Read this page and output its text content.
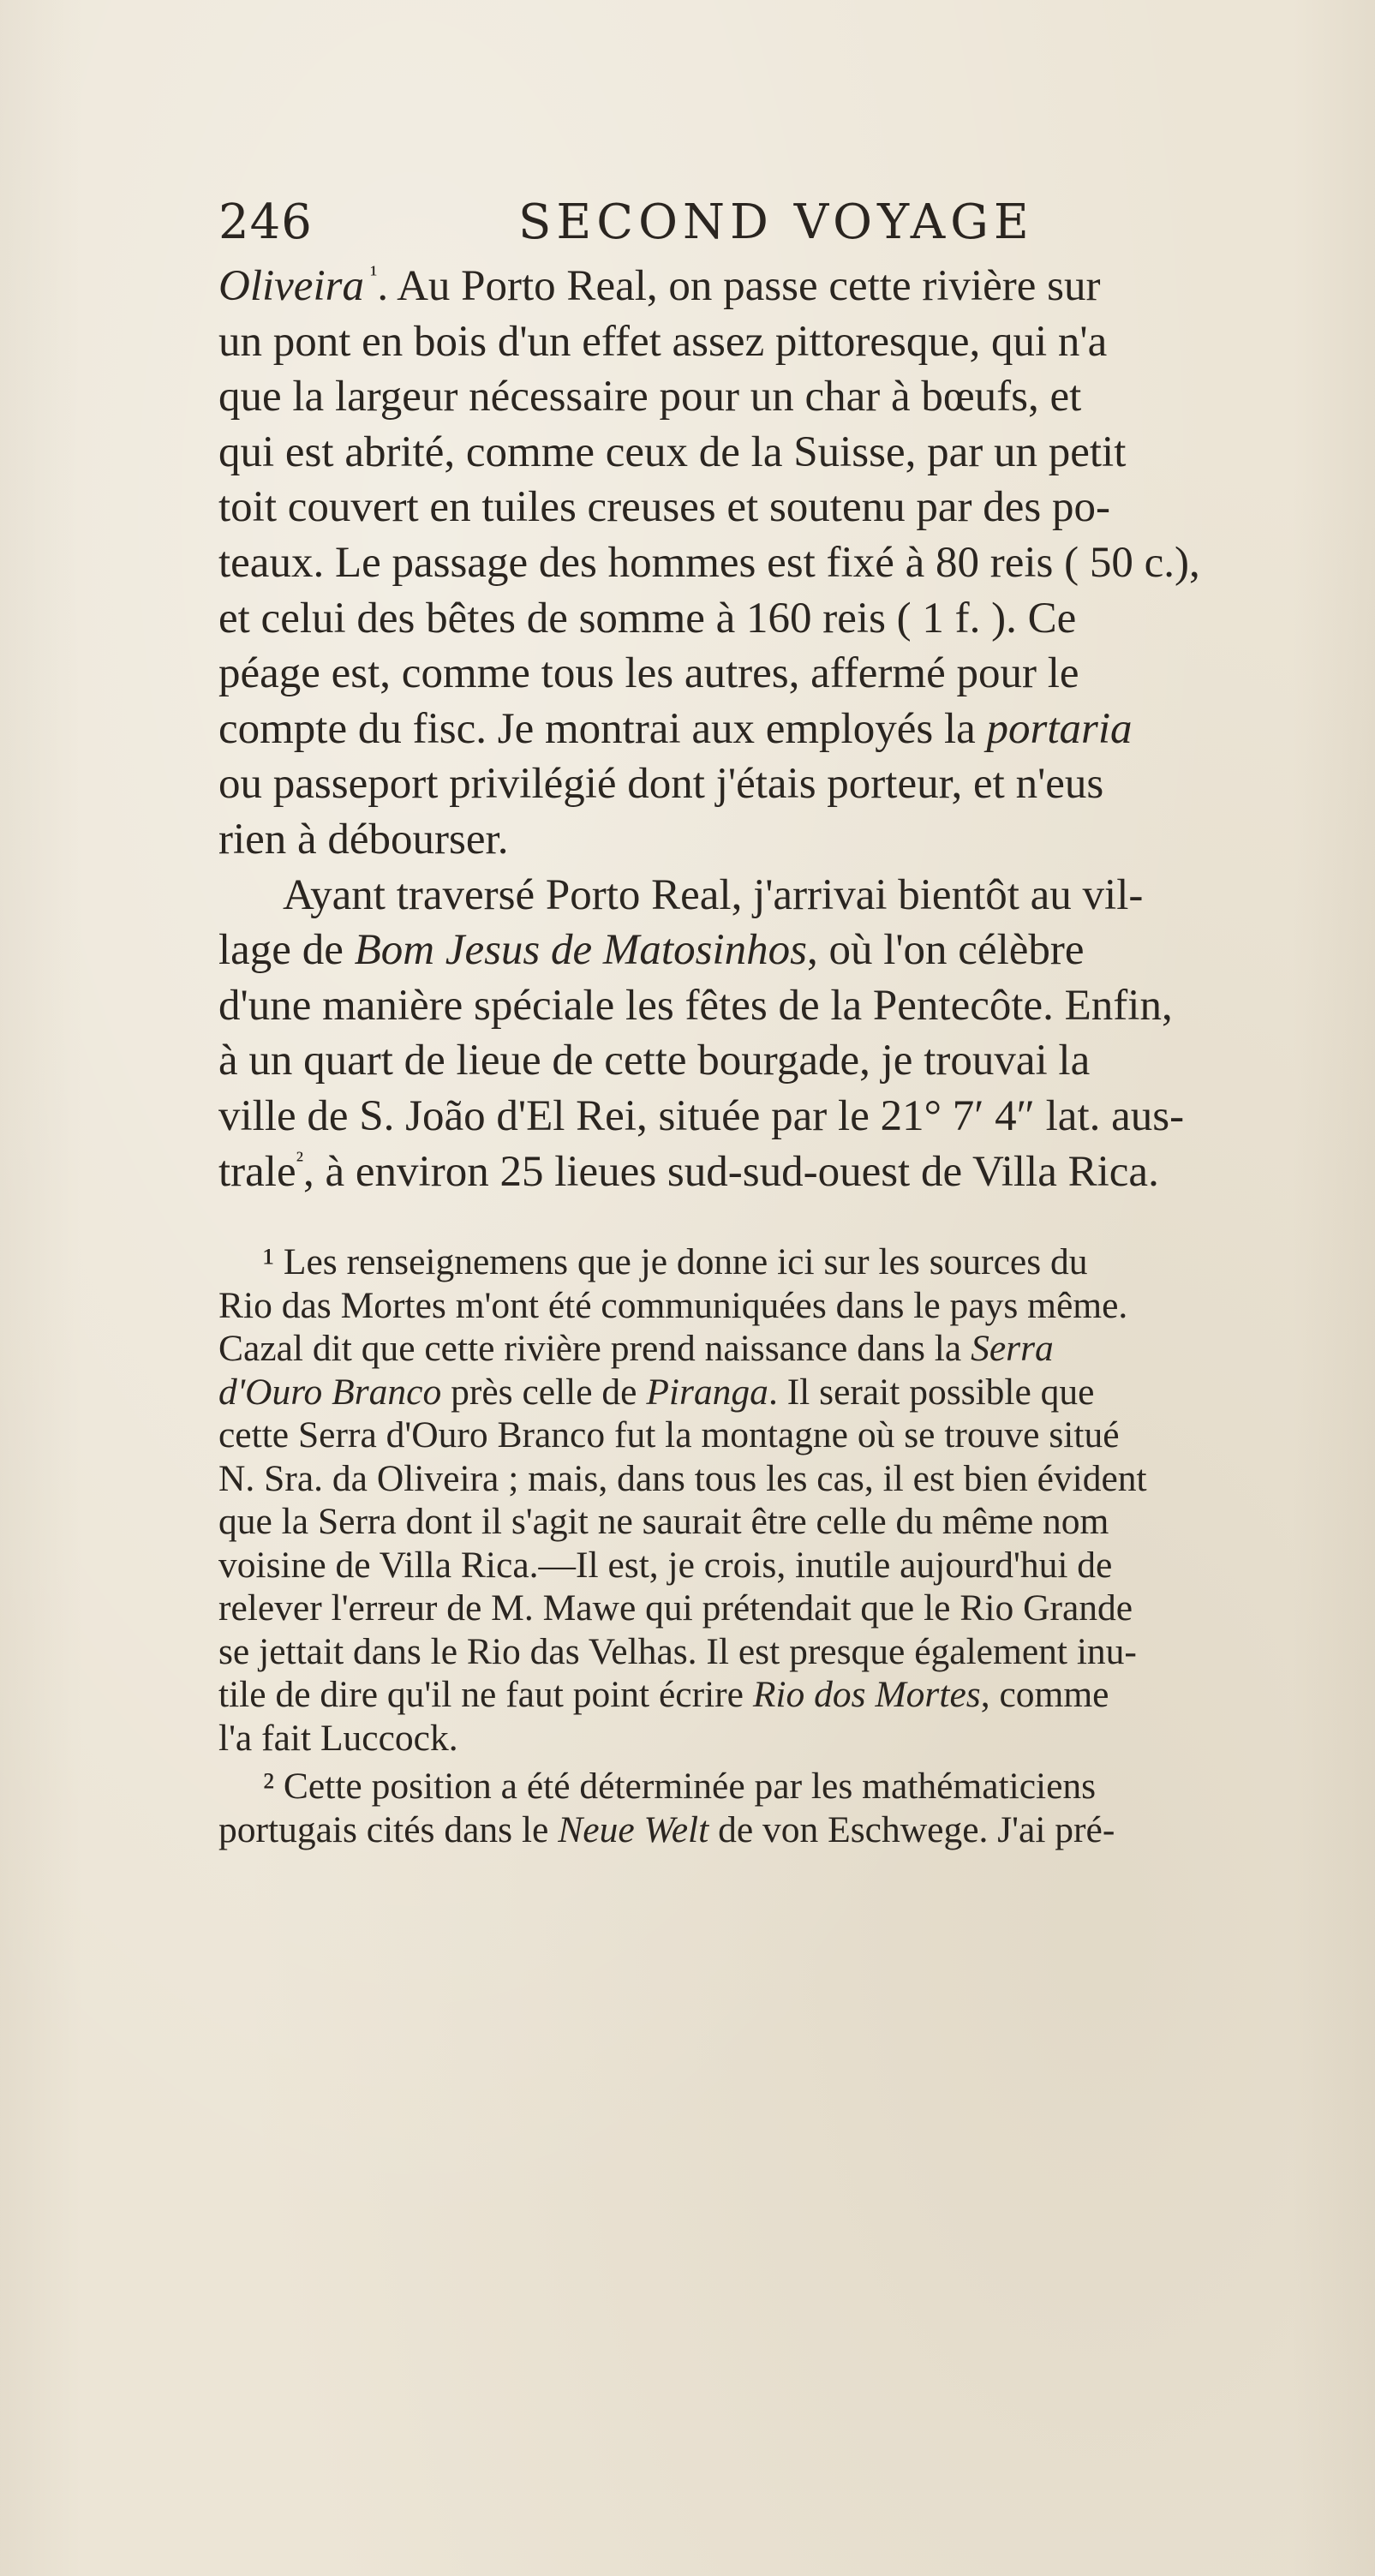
246	SECOND VOYAGE
Oliveira $^{^1}$. Au Porto Real, on passe cette rivière sur
un pont en bois d'un effet assez pittoresque, qui n'a
que la largeur nécessaire pour un char à bœufs, et
qui est abrité, comme ceux de la Suisse, par un petit
toit couvert en tuiles creuses et soutenu par des po-
teaux. Le passage des hommes est fixé à 80 reis ( 50 c.),
et celui des bêtes de somme à 160 reis ( 1 f. ). Ce
péage est, comme tous les autres, affermé pour le
compte du fisc. Je montrai aux employés la portaria
ou passeport privilégié dont j'étais porteur, et n'eus
rien à débourser.
Ayant traversé Porto Real, j'arrivai bientôt au vil-
lage de Bom Jesus de Matosinhos, où l'on célèbre
d'une manière spéciale les fêtes de la Pentecôte. Enfin,
à un quart de lieue de cette bourgade, je trouvai la
ville de S. João d'El Rei, située par le 21° 7′ 4″ lat. aus-
trale$^{^2}$, à environ 25 lieues sud-sud-ouest de Villa Rica.
¹ Les renseignemens que je donne ici sur les sources du
Rio das Mortes m'ont été communiquées dans le pays même.
Cazal dit que cette rivière prend naissance dans la Serra
d'Ouro Branco près celle de Piranga. Il serait possible que
cette Serra d'Ouro Branco fut la montagne où se trouve situé
N. Sra. da Oliveira ; mais, dans tous les cas, il est bien évident
que la Serra dont il s'agit ne saurait être celle du même nom
voisine de Villa Rica.—Il est, je crois, inutile aujourd'hui de
relever l'erreur de M. Mawe qui prétendait que le Rio Grande
se jettait dans le Rio das Velhas. Il est presque également inu-
tile de dire qu'il ne faut point écrire Rio dos Mortes, comme
l'a fait Luccock.
² Cette position a été déterminée par les mathématiciens
portugais cités dans le Neue Welt de von Eschwege. J'ai pré-
